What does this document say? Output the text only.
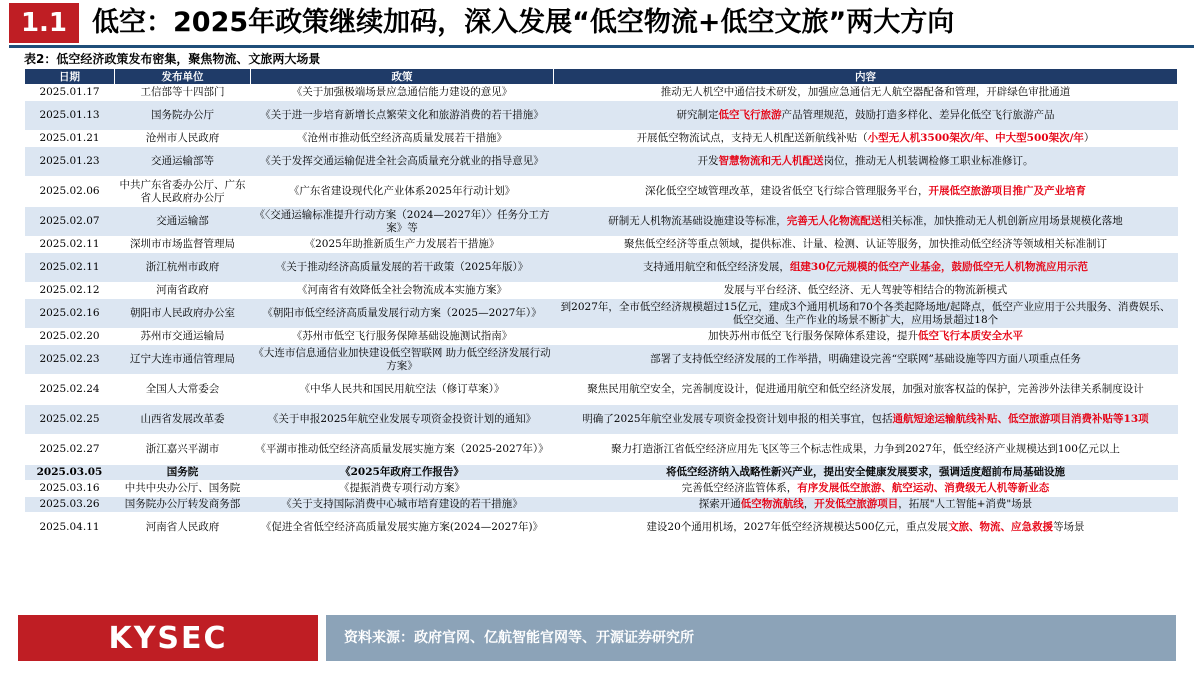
1.1 低空：2025年政策继续加码，深入发展“低空物流+低空文旅”两大方向
表2：低空经济政策发布密集，聚焦物流、文旅两大场景
日期	发布单位	政策	内容
2025.01.17	工信部等十四部门	《关于加强极端场景应急通信能力建设的意见》	推动无人机空中通信技术研发，加强应急通信无人航空器配备和管理，开辟绿色审批通道
2025.01.13	国务院办公厅	《关于进一步培育新增长点繁荣文化和旅游消费的若干措施》	研究制定低空飞行旅游产品管理规范，鼓励打造多样化、差异化低空飞行旅游产品
2025.01.21	沧州市人民政府	《沧州市推动低空经济高质量发展若干措施》	开展低空物流试点，支持无人机配送新航线补贴（小型无人机3500架次/年、中大型500架次/年）
2025.01.23	交通运输部等	《关于发挥交通运输促进全社会高质量充分就业的指导意见》	开发智慧物流和无人机配送岗位，推动无人机装调检修工职业标准修订。
2025.02.06	中共广东省委办公厅、广东省人民政府办公厅	《广东省建设现代化产业体系2025年行动计划》	深化低空空域管理改革，建设省低空飞行综合管理服务平台，开展低空旅游项目推广及产业培育
2025.02.07	交通运输部	《〈交通运输标准提升行动方案（2024—2027年）〉任务分工方案》等	研制无人机物流基础设施建设等标准，完善无人化物流配送相关标准，加快推动无人机创新应用场景规模化落地
2025.02.11	深圳市市场监督管理局	《2025年助推新质生产力发展若干措施》	聚焦低空经济等重点领域，提供标准、计量、检测、认证等服务，加快推动低空经济等领域相关标准制订
2025.02.11	浙江杭州市政府	《关于推动经济高质量发展的若干政策（2025年版）》	支持通用航空和低空经济发展，组建30亿元规模的低空产业基金，鼓励低空无人机物流应用示范
2025.02.12	河南省政府	《河南省有效降低全社会物流成本实施方案》	发展与平台经济、低空经济、无人驾驶等相结合的物流新模式
2025.02.16	朝阳市人民政府办公室	《朝阳市低空经济高质量发展行动方案（2025—2027年）》	到2027年，全市低空经济规模超过15亿元，建成3个通用机场和70个各类起降场地/起降点，低空产业应用于公共服务、消费娱乐、低空交通、生产作业的场景不断扩大，应用场景超过18个
2025.02.20	苏州市交通运输局	《苏州市低空飞行服务保障基础设施测试指南》	加快苏州市低空飞行服务保障体系建设，提升低空飞行本质安全水平
2025.02.23	辽宁大连市通信管理局	《大连市信息通信业加快建设低空智联网 助力低空经济发展行动方案》	部署了支持低空经济发展的工作举措，明确建设完善“空联网”基础设施等四方面八项重点任务
2025.02.24	全国人大常委会	《中华人民共和国民用航空法（修订草案）》	聚焦民用航空安全，完善制度设计，促进通用航空和低空经济发展，加强对旅客权益的保护，完善涉外法律关系制度设计
2025.02.25	山西省发展改革委	《关于申报2025年航空业发展专项资金投资计划的通知》	明确了2025年航空业发展专项资金投资计划申报的相关事宜，包括通航短途运输航线补贴、低空旅游项目消费补贴等13项
2025.02.27	浙江嘉兴平湖市	《平湖市推动低空经济高质量发展实施方案（2025-2027年）》	聚力打造浙江省低空经济应用先飞区等三个标志性成果，力争到2027年，低空经济产业规模达到100亿元以上
2025.03.05	国务院	《2025年政府工作报告》	将低空经济纳入战略性新兴产业，提出安全健康发展要求，强调适度超前布局基础设施
2025.03.16	中共中央办公厅、国务院	《提振消费专项行动方案》	完善低空经济监管体系，有序发展低空旅游、航空运动、消费级无人机等新业态
2025.03.26	国务院办公厅转发商务部	《关于支持国际消费中心城市培育建设的若干措施》	探索开通低空物流航线，开发低空旅游项目，拓展"人工智能+消费"场景
2025.04.11	河南省人民政府	《促进全省低空经济高质量发展实施方案(2024—2027年)》	建设20个通用机场，2027年低空经济规模达500亿元，重点发展文旅、物流、应急救援等场景
KYSEC	资料来源：政府官网、亿航智能官网等、开源证券研究所
